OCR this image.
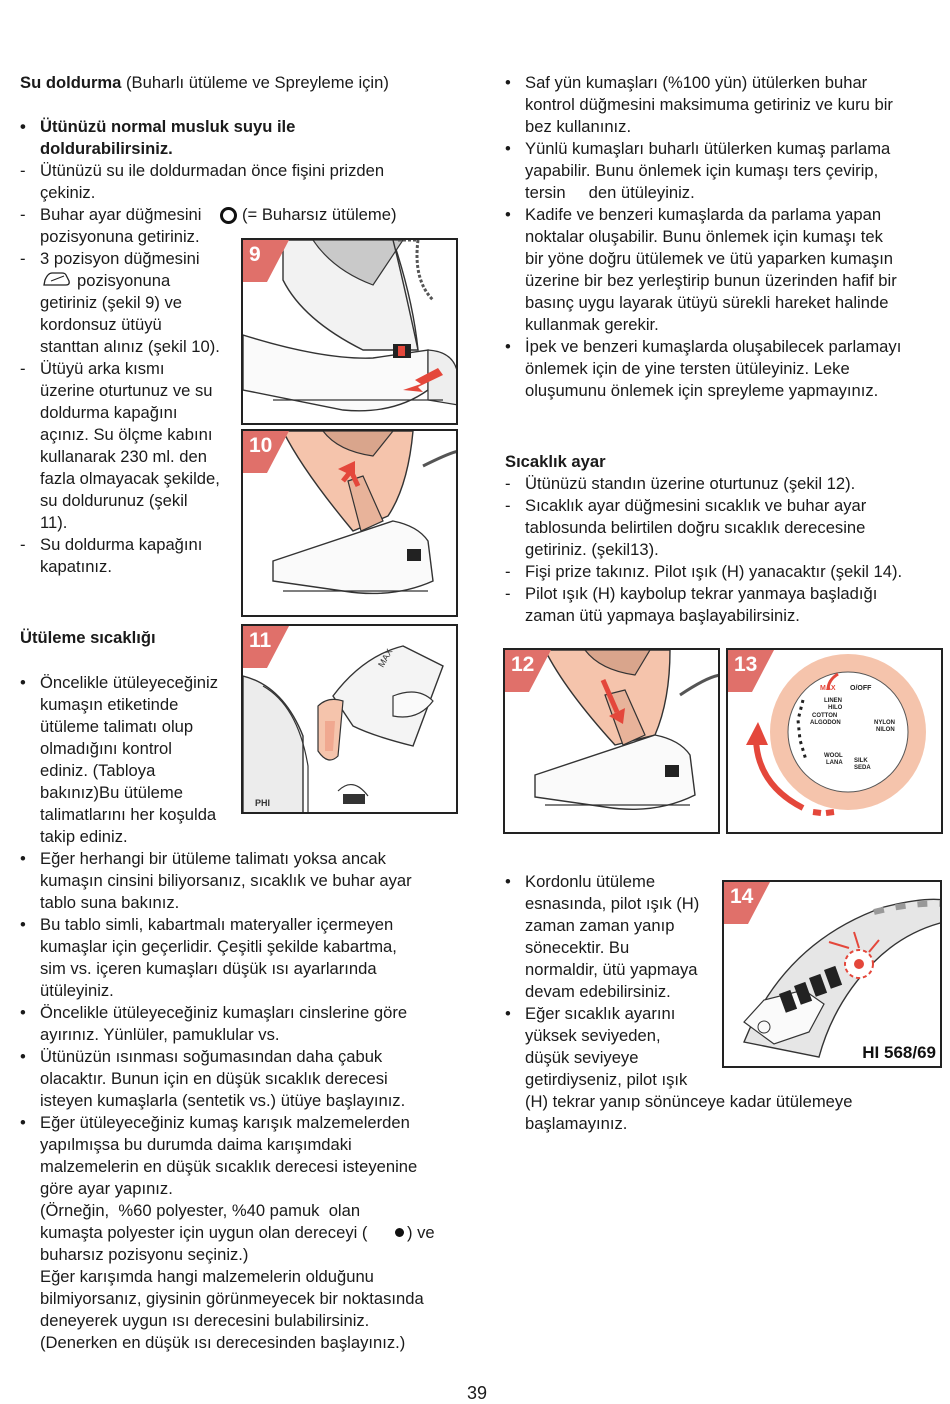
Su doldurma (Buharlı ütüleme ve Spreyleme için)
• Ütünüzü normal musluk suyu ile
doldurabilirsiniz.
- Ütünüzü su ile doldurmadan önce fişini prizden
çekiniz.
- Buhar ayar düğmesini (= Buharsız ütüleme)
pozisyonuna getiriniz.
- 3 pozisyon düğmesini
pozisyonuna
getiriniz (şekil 9) ve
kordonsuz ütüyü
stanttan alınız (şekil 10).
- Ütüyü arka kısmı
üzerine oturtunuz ve su
doldurma kapağını
açınız. Su ölçme kabını
kullanarak 230 ml. den
fazla olmayacak şekilde,
su doldurunuz (şekil
11).
- Su doldurma kapağını
kapatınız.
Ütüleme sıcaklığı
• Öncelikle ütüleyeceğiniz
kumaşın etiketinde
ütüleme talimatı olup
olmadığını kontrol
ediniz. (Tabloya
bakınız)Bu ütüleme
talimatlarını her koşulda
takip ediniz.
• Eğer herhangi bir ütüleme talimatı yoksa ancak
kumaşın cinsini biliyorsanız, sıcaklık ve buhar ayar
tablo suna bakınız.
• Bu tablo simli, kabartmalı materyaller içermeyen
kumaşlar için geçerlidir. Çeşitli şekilde kabartma,
sim vs. içeren kumaşları düşük ısı ayarlarında
ütüleyiniz.
• Öncelikle ütüleyeceğiniz kumaşları cinslerine göre
ayırınız. Yünlüler, pamuklular vs.
• Ütünüzün ısınması soğumasından daha çabuk
olacaktır. Bunun için en düşük sıcaklık derecesi
isteyen kumaşlarla (sentetik vs.) ütüye başlayınız.
• Eğer ütüleyeceğiniz kumaş karışık malzemelerden
yapılmışsa bu durumda daima karışımdaki
malzemelerin en düşük sıcaklık derecesi isteyenine
göre ayar yapınız.
(Örneğin,  %60 polyester, %40 pamuk  olan
kumaşta polyester için uygun olan dereceyi ( ) ve
buharsız pozisyonu seçiniz.)
Eğer karışımda hangi malzemelerin olduğunu
bilmiyorsanız, giysinin görünmeyecek bir noktasında
deneyerek uygun ısı derecesini bulabilirsiniz.
(Denerken en düşük ısı derecesinden başlayınız.)
9
10
PHI
MAX
11
• Saf yün kumaşları (%100 yün) ütülerken buhar
kontrol düğmesini maksimuma getiriniz ve kuru bir
bez kullanınız.
• Yünlü kumaşları buharlı ütülerken kumaş parlama
yapabilir. Bunu önlemek için kumaşı ters çevirip,
tersin     den ütüleyiniz.
• Kadife ve benzeri kumaşlarda da parlama yapan
noktalar oluşabilir. Bunu önlemek için kumaşı tek
bir yöne doğru ütülemek ve ütü yaparken kumaşın
üzerine bir bez yerleştirip bunun üzerinden hafif bir
basınç uygu layarak ütüyü sürekli hareket halinde
kullanmak gerekir.
• İpek ve benzeri kumaşlarda oluşabilecek parlamayı
önlemek için de yine tersten ütüleyiniz. Leke
oluşumunu önlemek için spreyleme yapmayınız.
Sıcaklık ayar
- Ütünüzü standın üzerine oturtunuz (şekil 12).
- Sıcaklık ayar düğmesini sıcaklık ve buhar ayar
tablosunda belirtilen doğru sıcaklık derecesine
getiriniz. (şekil13).
- Fişi prize takınız. Pilot ışık (H) yanacaktır (şekil 14).
- Pilot ışık (H) kaybolup tekrar yanmaya başladığı
zaman ütü yapmaya başlayabilirsiniz.
12
MAX O/OFF
LINEN
HILO
COTTON
ALGODON	NYLON
NILON
WOOL
LANA SILK
SEDA
13
• Kordonlu ütüleme
esnasında, pilot ışık (H)
zaman zaman yanıp
sönecektir. Bu
normaldir, ütü yapmaya
devam edebilirsiniz.
• Eğer sıcaklık ayarını
yüksek seviyeden,
düşük seviyeye
getirdiyseniz, pilot ışık
(H) tekrar yanıp sönünceye kadar ütülemeye
başlamayınız.
14
HI 568/69
39
